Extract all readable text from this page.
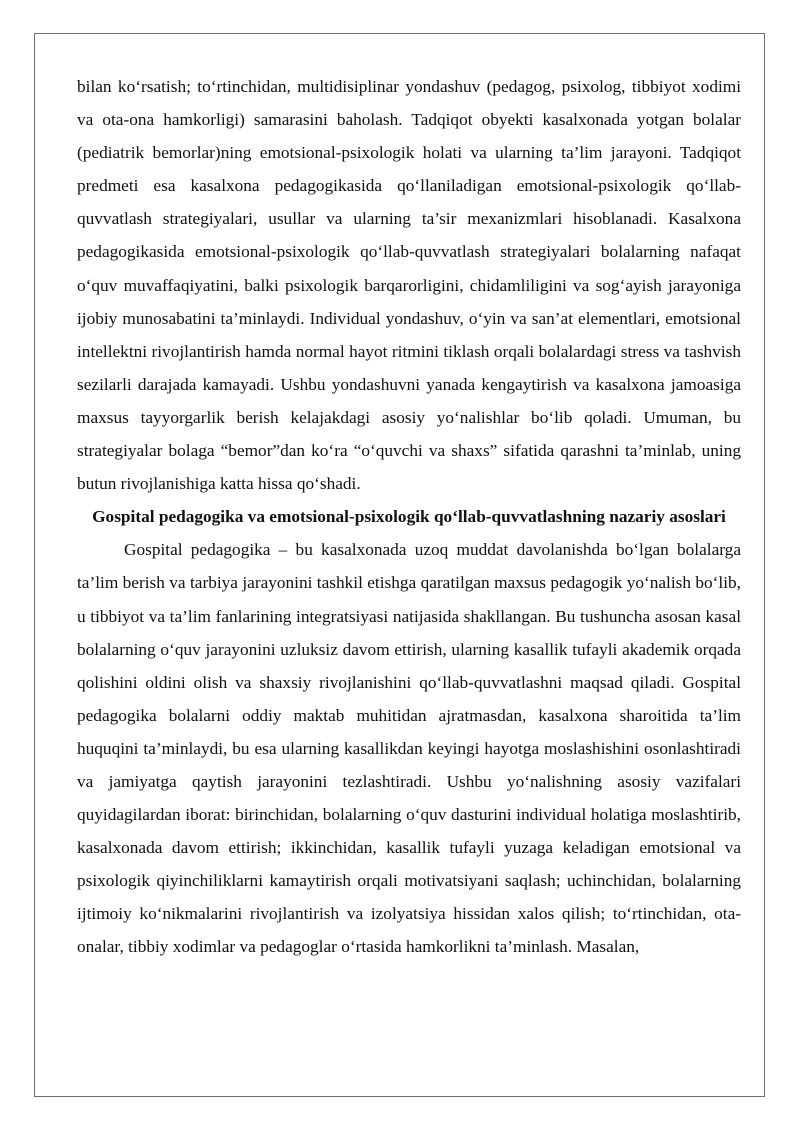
bilan ko‘rsatish; to‘rtinchidan, multidisiplinar yondashuv (pedagog, psixolog, tibbiyot xodimi va ota-ona hamkorligi) samarasini baholash. Tadqiqot obyekti kasalxonada yotgan bolalar (pediatrik bemorlar)ning emotsional-psixologik holati va ularning ta’lim jarayoni. Tadqiqot predmeti esa kasalxona pedagogikasida qo‘llaniladigan emotsional-psixologik qo‘llab-quvvatlash strategiyalari, usullar va ularning ta’sir mexanizmlari hisoblanadi. Kasalxona pedagogikasida emotsional-psixologik qo‘llab-quvvatlash strategiyalari bolalarning nafaqat o‘quv muvaffaqiyatini, balki psixologik barqarorligini, chidamliligini va sog‘ayish jarayoniga ijobiy munosabatini ta’minlaydi. Individual yondashuv, o‘yin va san’at elementlari, emotsional intellektni rivojlantirish hamda normal hayot ritmini tiklash orqali bolalardagi stress va tashvish sezilarli darajada kamayadi. Ushbu yondashuvni yanada kengaytirish va kasalxona jamoasiga maxsus tayyorgarlik berish kelajakdagi asosiy yo‘nalishlar bo‘lib qoladi. Umuman, bu strategiyalar bolaga “bemor”dan ko‘ra “o‘quvchi va shaxs” sifatida qarashni ta’minlab, uning butun rivojlanishiga katta hissa qo‘shadi.

Gospital pedagogika va emotsional-psixologik qo‘llab-quvvatlashning nazariy asoslari

Gospital pedagogika – bu kasalxonada uzoq muddat davolanishda bo‘lgan bolalarga ta’lim berish va tarbiya jarayonini tashkil etishga qaratilgan maxsus pedagogik yo‘nalish bo‘lib, u tibbiyot va ta’lim fanlarining integratsiyasi natijasida shakllangan. Bu tushuncha asosan kasal bolalarning o‘quv jarayonini uzluksiz davom ettirish, ularning kasallik tufayli akademik orqada qolishini oldini olish va shaxsiy rivojlanishini qo‘llab-quvvatlashni maqsad qiladi. Gospital pedagogika bolalarni oddiy maktab muhitidan ajratmasdan, kasalxona sharoitida ta’lim huquqini ta’minlaydi, bu esa ularning kasallikdan keyingi hayotga moslashishini osonlashtiradi va jamiyatga qaytish jarayonini tezlashtiradi. Ushbu yo‘nalishning asosiy vazifalari quyidagilardan iborat: birinchidan, bolalarning o‘quv dasturini individual holatiga moslashtirib, kasalxonada davom ettirish; ikkinchidan, kasallik tufayli yuzaga keladigan emotsional va psixologik qiyinchiliklarni kamaytirish orqali motivatsiyani saqlash; uchinchidan, bolalarning ijtimoiy ko‘nikmalarini rivojlantirish va izolyatsiya hissidan xalos qilish; to‘rtinchidan, ota-onalar, tibbiy xodimlar va pedagoglar o‘rtasida hamkorlikni ta’minlash. Masalan,
